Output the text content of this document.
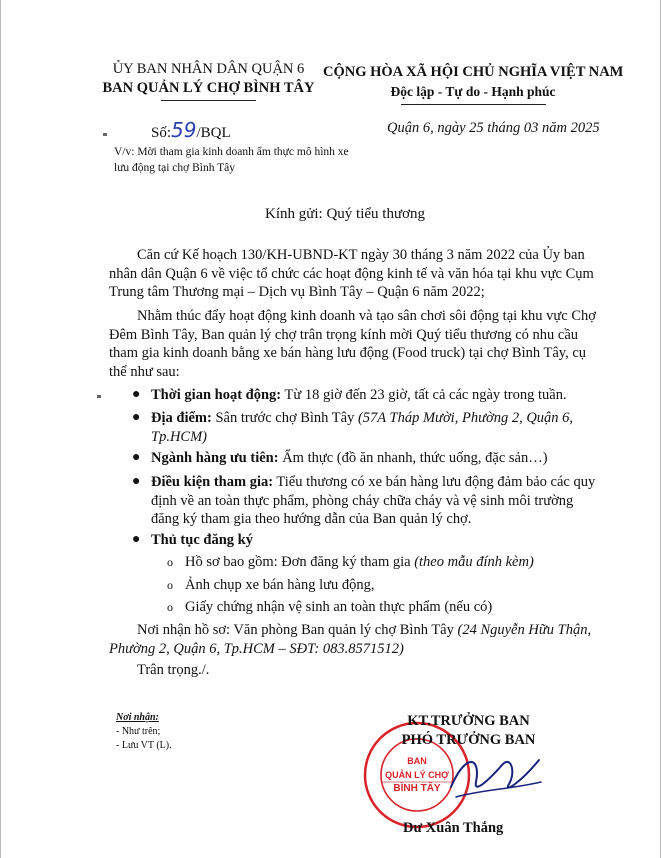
ỦY BAN NHÂN DÂN QUẬN 6
BAN QUẢN LÝ CHỢ BÌNH TÂY
CỘNG HÒA XÃ HỘI CHỦ NGHĨA VIỆT NAM
Độc lập - Tự do - Hạnh phúc
Số:59/BQL
V/v: Mời tham gia kinh doanh ẩm thực mô hình xe lưu động tại chợ Bình Tây
Quận 6, ngày 25 tháng 03 năm 2025
Kính gửi: Quý tiểu thương
Căn cứ Kế hoạch 130/KH-UBND-KT ngày 30 tháng 3 năm 2022 của Ủy ban nhân dân Quận 6 về việc tổ chức các hoạt động kinh tế và văn hóa tại khu vực Cụm Trung tâm Thương mại – Dịch vụ Bình Tây – Quận 6 năm 2022;
Nhằm thúc đẩy hoạt động kinh doanh và tạo sân chơi sôi động tại khu vực Chợ Đêm Bình Tây, Ban quản lý chợ trân trọng kính mời Quý tiểu thương có nhu cầu tham gia kinh doanh bằng xe bán hàng lưu động (Food truck) tại chợ Bình Tây, cụ thể như sau:
● Thời gian hoạt động: Từ 18 giờ đến 23 giờ, tất cả các ngày trong tuần.
● Địa điểm: Sân trước chợ Bình Tây (57A Tháp Mười, Phường 2, Quận 6, Tp.HCM)
● Ngành hàng ưu tiên: Ẩm thực (đồ ăn nhanh, thức uống, đặc sản…)
● Điều kiện tham gia: Tiểu thương có xe bán hàng lưu động đảm bảo các quy định về an toàn thực phẩm, phòng cháy chữa cháy và vệ sinh môi trường đăng ký tham gia theo hướng dẫn của Ban quản lý chợ.
● Thủ tục đăng ký
o Hồ sơ bao gồm: Đơn đăng ký tham gia (theo mẫu đính kèm)
o Ảnh chụp xe bán hàng lưu động,
o Giấy chứng nhận vệ sinh an toàn thực phẩm (nếu có)
Nơi nhận hồ sơ: Văn phòng Ban quản lý chợ Bình Tây (24 Nguyễn Hữu Thận, Phường 2, Quận 6, Tp.HCM – SĐT: 083.8571512)
Trân trọng./.
Nơi nhận:
- Như trên;
- Lưu VT (L).
BAN
QUẢN LÝ CHỢ
BÌNH TÂY
KT.TRƯỞNG BAN
PHÓ TRƯỞNG BAN
Dư Xuân Thắng
